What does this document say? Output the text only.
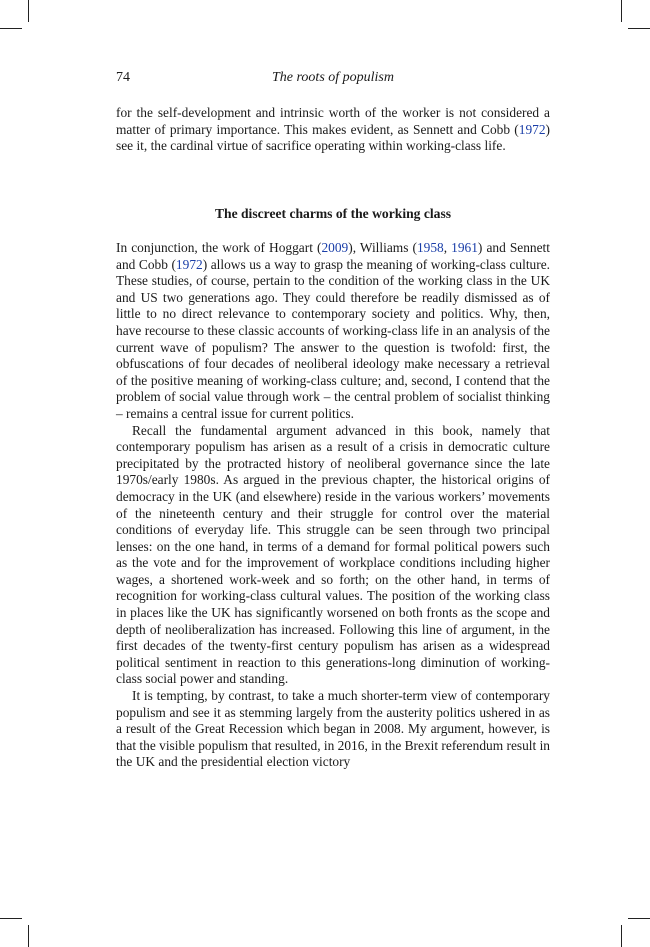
74	The roots of populism

for the self-development and intrinsic worth of the worker is not considered a matter of primary importance. This makes evident, as Sennett and Cobb (1972) see it, the cardinal virtue of sacrifice operating within working-class life.

The discreet charms of the working class

In conjunction, the work of Hoggart (2009), Williams (1958, 1961) and Sennett and Cobb (1972) allows us a way to grasp the meaning of working-class culture. These studies, of course, pertain to the condition of the working class in the UK and US two generations ago. They could therefore be readily dismissed as of little to no direct relevance to contemporary society and politics. Why, then, have recourse to these classic accounts of working-class life in an analysis of the current wave of populism? The answer to the question is twofold: first, the obfuscations of four decades of neoliberal ideology make necessary a retrieval of the positive meaning of working-class culture; and, second, I contend that the problem of social value through work – the central problem of socialist thinking – remains a central issue for current politics.

Recall the fundamental argument advanced in this book, namely that contemporary populism has arisen as a result of a crisis in democratic culture precipitated by the protracted history of neoliberal governance since the late 1970s/early 1980s. As argued in the previous chapter, the historical origins of democracy in the UK (and elsewhere) reside in the various workers’ movements of the nineteenth century and their struggle for control over the material conditions of everyday life. This struggle can be seen through two principal lenses: on the one hand, in terms of a demand for formal political powers such as the vote and for the improvement of workplace conditions including higher wages, a shortened work-week and so forth; on the other hand, in terms of recognition for working-class cultural values. The position of the working class in places like the UK has significantly worsened on both fronts as the scope and depth of neoliberalization has increased. Following this line of argument, in the first decades of the twenty-first century populism has arisen as a widespread political sentiment in reaction to this generations-long diminution of working-class social power and standing.

It is tempting, by contrast, to take a much shorter-term view of contemporary populism and see it as stemming largely from the austerity politics ushered in as a result of the Great Recession which began in 2008. My argument, however, is that the visible populism that resulted, in 2016, in the Brexit referendum result in the UK and the presidential election victory
